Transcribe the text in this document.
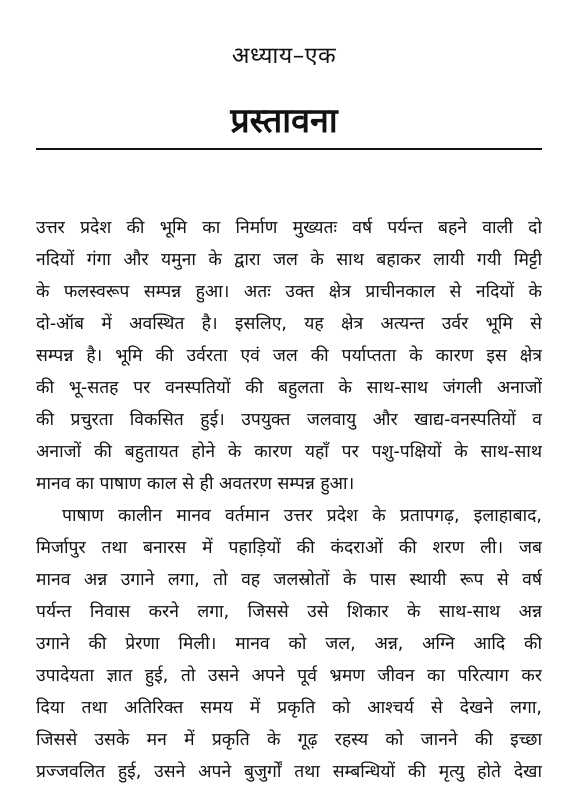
अध्याय–एक
प्रस्तावना
उत्तर प्रदेश की भूमि का निर्माण मुख्यतः वर्ष पर्यन्त बहने वाली दो
नदियों गंगा और यमुना के द्वारा जल के साथ बहाकर लायी गयी मिट्टी
के फलस्वरूप सम्पन्न हुआ। अतः उक्त क्षेत्र प्राचीनकाल से नदियों के
दो-ऑब में अवस्थित है। इसलिए, यह क्षेत्र अत्यन्त उर्वर भूमि से
सम्पन्न है। भूमि की उर्वरता एवं जल की पर्याप्तता के कारण इस क्षेत्र
की भू-सतह पर वनस्पतियों की बहुलता के साथ-साथ जंगली अनाजों
की प्रचुरता विकसित हुई। उपयुक्त जलवायु और खाद्य-वनस्पतियों व
अनाजों की बहुतायत होने के कारण यहाँ पर पशु-पक्षियों के साथ-साथ
मानव का पाषाण काल से ही अवतरण सम्पन्न हुआ।
पाषाण कालीन मानव वर्तमान उत्तर प्रदेश के प्रतापगढ़, इलाहाबाद,
मिर्जापुर तथा बनारस में पहाड़ियों की कंदराओं की शरण ली। जब
मानव अन्न उगाने लगा, तो वह जलस्रोतों के पास स्थायी रूप से वर्ष
पर्यन्त निवास करने लगा, जिससे उसे शिकार के साथ-साथ अन्न
उगाने की प्रेरणा मिली। मानव को जल, अन्न, अग्नि आदि की
उपादेयता ज्ञात हुई, तो उसने अपने पूर्व भ्रमण जीवन का परित्याग कर
दिया तथा अतिरिक्त समय में प्रकृति को आश्चर्य से देखने लगा,
जिससे उसके मन में प्रकृति के गूढ़ रहस्य को जानने की इच्छा
प्रज्जवलित हुई, उसने अपने बुजुर्गों तथा सम्बन्धियों की मृत्यु होते देखा
